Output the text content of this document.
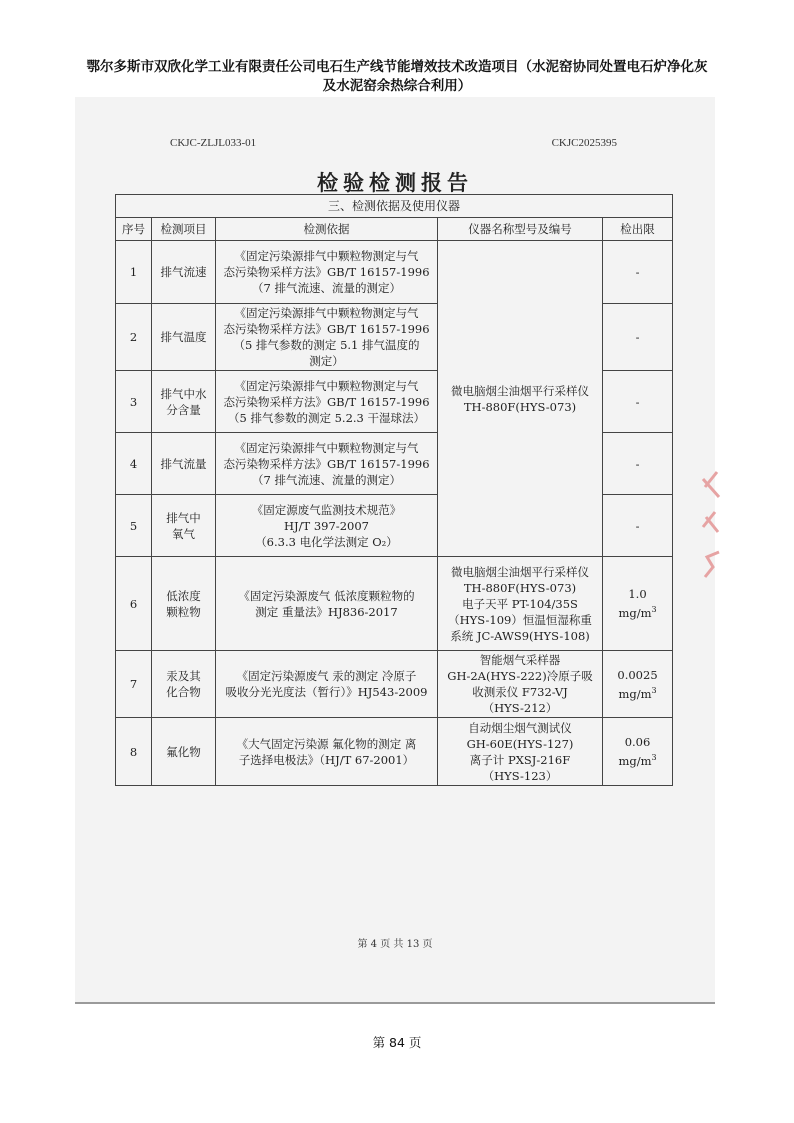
鄂尔多斯市双欣化学工业有限责任公司电石生产线节能增效技术改造项目（水泥窑协同处置电石炉净化灰
及水泥窑余热综合利用）
CKJC-ZLJL033-01	CKJC2025395
检验检测报告
三、检测依据及使用仪器				
序号	检测项目	检测依据	仪器名称型号及编号	检出限
1	排气流速	《固定污染源排气中颗粒物测定与气
态污染物采样方法》GB/T 16157-1996
（7 排气流速、流量的测定）	微电脑烟尘油烟平行采样仪
TH-880F(HYS-073)	-

2	排气温度	《固定污染源排气中颗粒物测定与气
态污染物采样方法》GB/T 16157-1996
（5 排气参数的测定 5.1 排气温度的
测定）		-

3	排气中水
分含量	《固定污染源排气中颗粒物测定与气
态污染物采样方法》GB/T 16157-1996
（5 排气参数的测定 5.2.3 干湿球法）		-

4	排气流量	《固定污染源排气中颗粒物测定与气
态污染物采样方法》GB/T 16157-1996
（7 排气流速、流量的测定）		-

5	排气中
氧气	《固定源废气监测技术规范》
HJ/T 397-2007
（6.3.3 电化学法测定 O₂）		-

6	低浓度
颗粒物	《固定污染源废气 低浓度颗粒物的
测定 重量法》HJ836-2017	微电脑烟尘油烟平行采样仪
TH-880F(HYS-073)
电子天平 PT-104/35S
（HYS-109）恒温恒湿称重
系统 JC-AWS9(HYS-108)	1.0
$mg/m^3$

7	汞及其
化合物	《固定污染源废气 汞的测定 冷原子
吸收分光光度法（暂行）》HJ543-2009	智能烟气采样器
GH-2A(HYS-222)冷原子吸
收测汞仪 F732-VJ
（HYS-212）	0.0025
$mg/m^3$

8	氟化物	《大气固定污染源 氟化物的测定 离
子选择电极法》（HJ/T 67-2001）	自动烟尘烟气测试仪
GH-60E(HYS-127)
离子计 PXSJ-216F
（HYS-123）	0.06
$mg/m^3$
第 4 页 共 13 页
第 84 页
